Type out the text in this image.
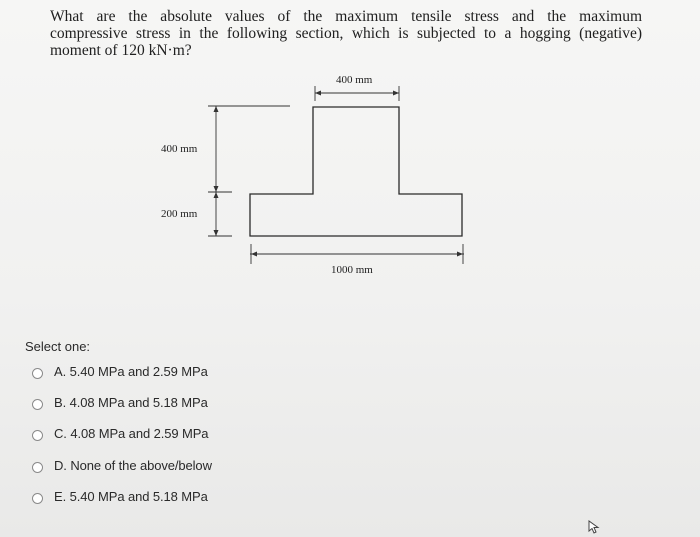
What are the absolute values of the maximum tensile stress and the maximum
compressive stress in the following section, which is subjected to a hogging (negative)
moment of 120 kN·m?
400 mm
400 mm
200 mm
1000 mm
Select one:
A. 5.40 MPa and 2.59 MPa
B. 4.08 MPa and 5.18 MPa
C. 4.08 MPa and 2.59 MPa
D. None of the above/below
E. 5.40 MPa and 5.18 MPa
